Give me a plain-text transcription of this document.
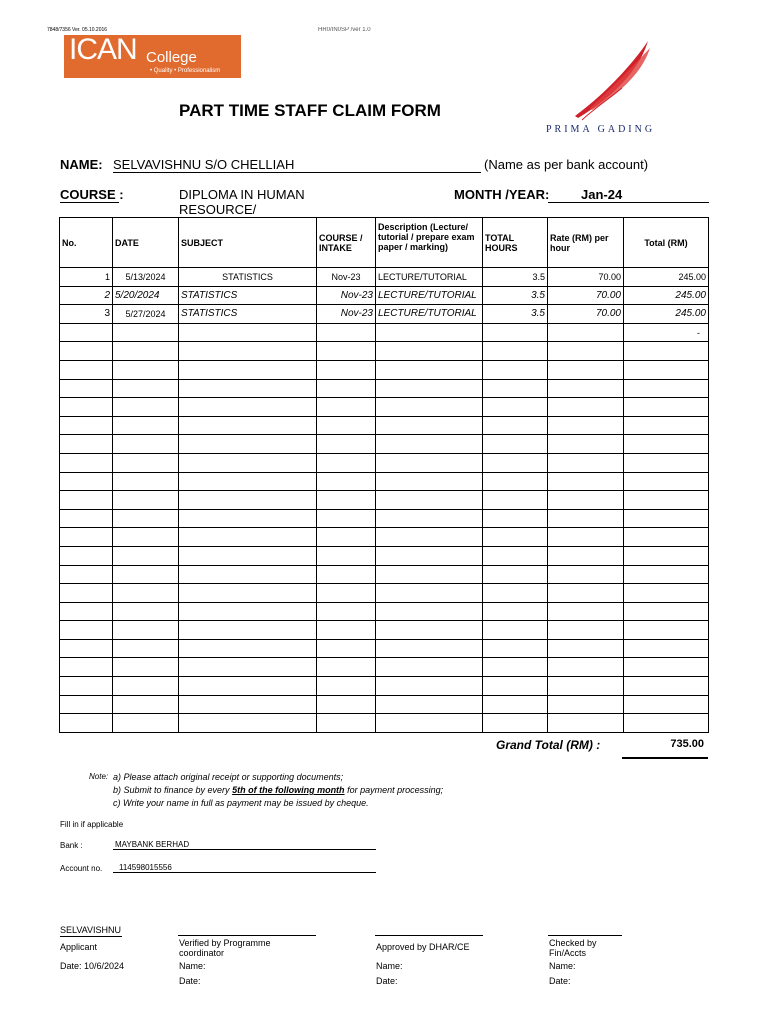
7848/7356 Ver. 05.10.2016	HR0/IN0SP /ver 1.0
ICAN College
• Quality • Professionalism
PART TIME STAFF CLAIM FORM
PRIMA GADING
NAME: SELVAVISHNU S/O CHELLIAH	(Name as per bank account)
COURSE :	DIPLOMA IN HUMAN RESOURCE/
MONTH /YEAR:	Jan-24
No.	DATE	SUBJECT	COURSE / INTAKE	Description (Lecture/ tutorial / prepare exam paper / marking)	TOTAL HOURS	Rate (RM) per hour	Total (RM)
1	5/13/2024	STATISTICS	Nov-23	LECTURE/TUTORIAL	3.5	70.00	245.00
2	5/20/2024	STATISTICS	Nov-23	LECTURE/TUTORIAL	3.5	70.00	245.00
3	5/27/2024	STATISTICS	Nov-23	LECTURE/TUTORIAL	3.5	70.00	245.00
							-

Grand Total (RM) :	735.00
Note: a) Please attach original receipt or supporting documents;
b) Submit to finance by every 5th of the following month for payment processing;
c) Write your name in full as payment may be issued by cheque.
Fill in if applicable
Bank :	MAYBANK BERHAD
Account no.	114598015556
SELVAVISHNU
Applicant
Date: 10/6/2024
Verified by Programme coordinator
Name:
Date:
Approved by DHAR/CE
Name:
Date:
Checked by Fin/Accts
Name:
Date:
